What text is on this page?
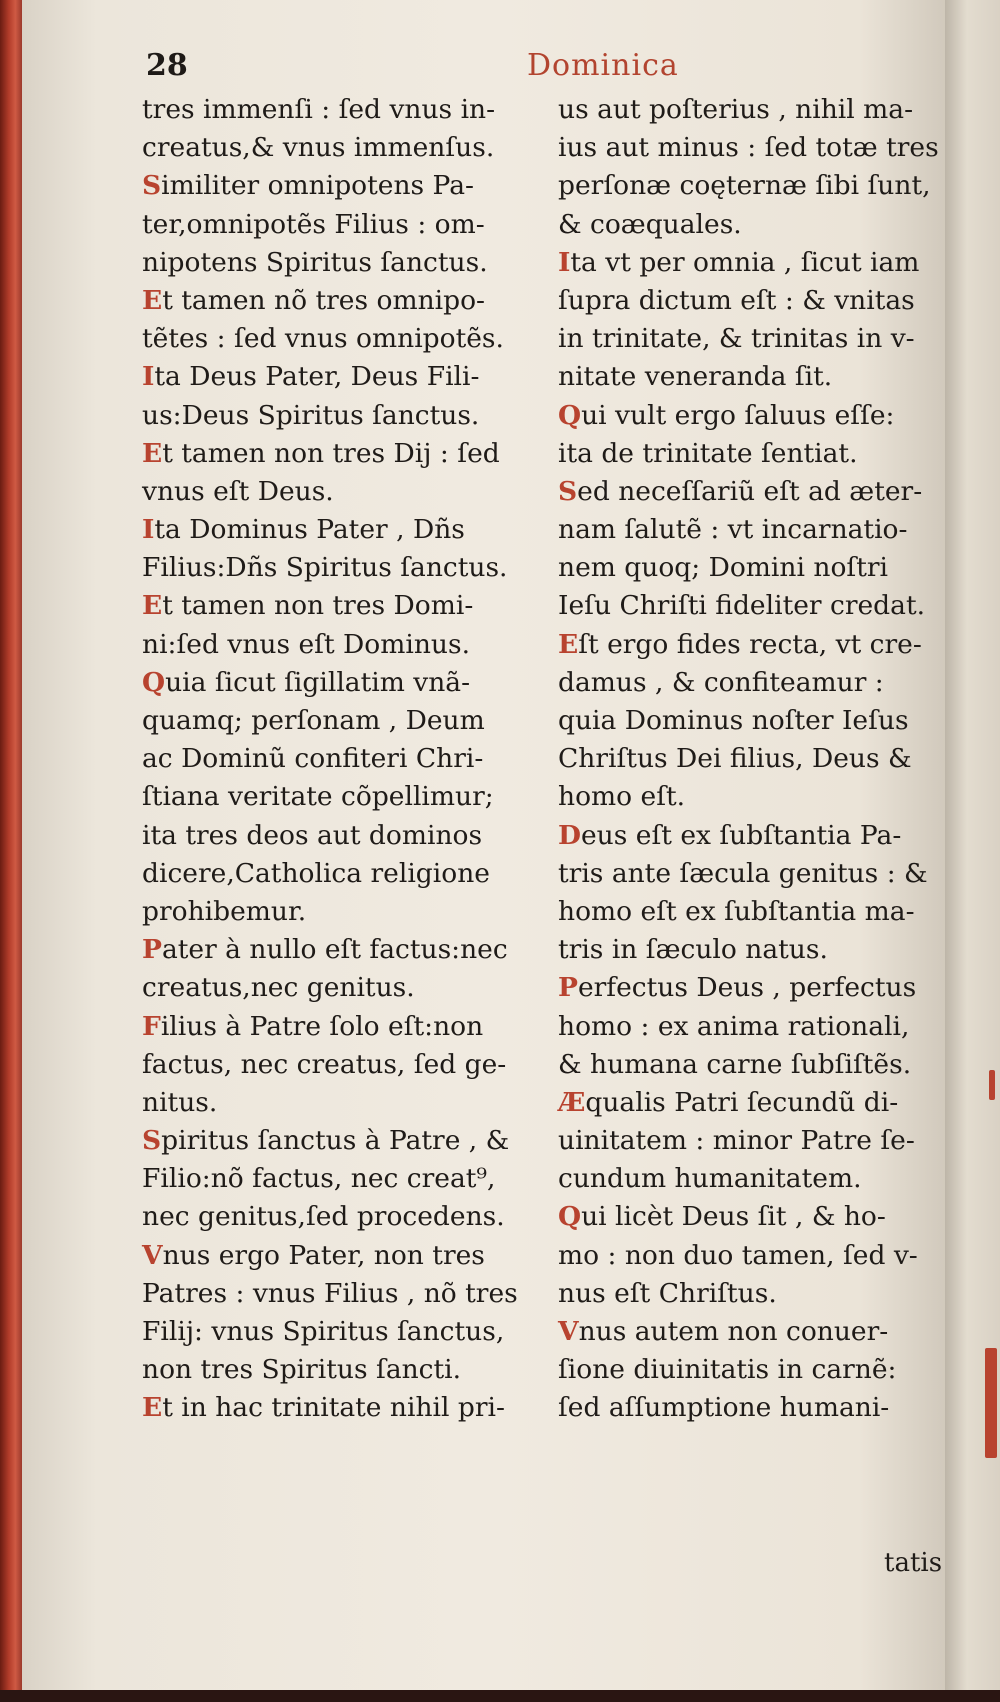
28	Dominica
tres immenſi : ſed vnus in-
creatus,& vnus immenſus.
Similiter omnipotens Pa-
ter,omnipotẽs Filius : om-
nipotens Spiritus ſanctus.
Et tamen nõ tres omnipo-
tẽtes : ſed vnus omnipotẽs.
Ita Deus Pater, Deus Fili-
us:Deus Spiritus ſanctus.
Et tamen non tres Dij : ſed
vnus eſt Deus.
Ita Dominus Pater , Dñs
Filius:Dñs Spiritus ſanctus.
Et tamen non tres Domi-
ni:ſed vnus eſt Dominus.
Quia ſicut ſigillatim vnã-
quamq; perſonam , Deum
ac Dominũ confiteri Chri-
ſtiana veritate cõpellimur;
ita tres deos aut dominos
dicere,Catholica religione
prohibemur.
Pater à nullo eſt factus:nec
creatus,nec genitus.
Filius à Patre ſolo eſt:non
factus, nec creatus, ſed ge-
nitus.
Spiritus ſanctus à Patre , &
Filio:nõ factus, nec creat⁹,
nec genitus,ſed procedens.
Vnus ergo Pater, non tres
Patres : vnus Filius , nõ tres
Filij: vnus Spiritus ſanctus,
non tres Spiritus ſancti.
Et in hac trinitate nihil pri-
us aut poſterius , nihil ma-
ius aut minus : ſed totæ tres
perſonæ coęternæ ſibi ſunt,
& coæquales.
Ita vt per omnia , ſicut iam
ſupra dictum eſt : & vnitas
in trinitate, & trinitas in v-
nitate veneranda ſit.
Qui vult ergo ſaluus eſſe:
ita de trinitate ſentiat.
Sed neceſſariũ eſt ad æter-
nam ſalutẽ : vt incarnatio-
nem quoq; Domini noſtri
Ieſu Chriſti fideliter credat.
Eſt ergo fides recta, vt cre-
damus , & confiteamur :
quia Dominus noſter Ieſus
Chriſtus Dei filius, Deus &
homo eſt.
Deus eſt ex ſubſtantia Pa-
tris ante ſæcula genitus : &
homo eſt ex ſubſtantia ma-
tris in ſæculo natus.
Perfectus Deus , perfectus
homo : ex anima rationali,
& humana carne ſubſiſtẽs.
Æqualis Patri ſecundũ di-
uinitatem : minor Patre ſe-
cundum humanitatem.
Qui licèt Deus ſit , & ho-
mo : non duo tamen, ſed v-
nus eſt Chriſtus.
Vnus autem non conuer-
ſione diuinitatis in carnẽ:
ſed aſſumptione humani-
tatis
